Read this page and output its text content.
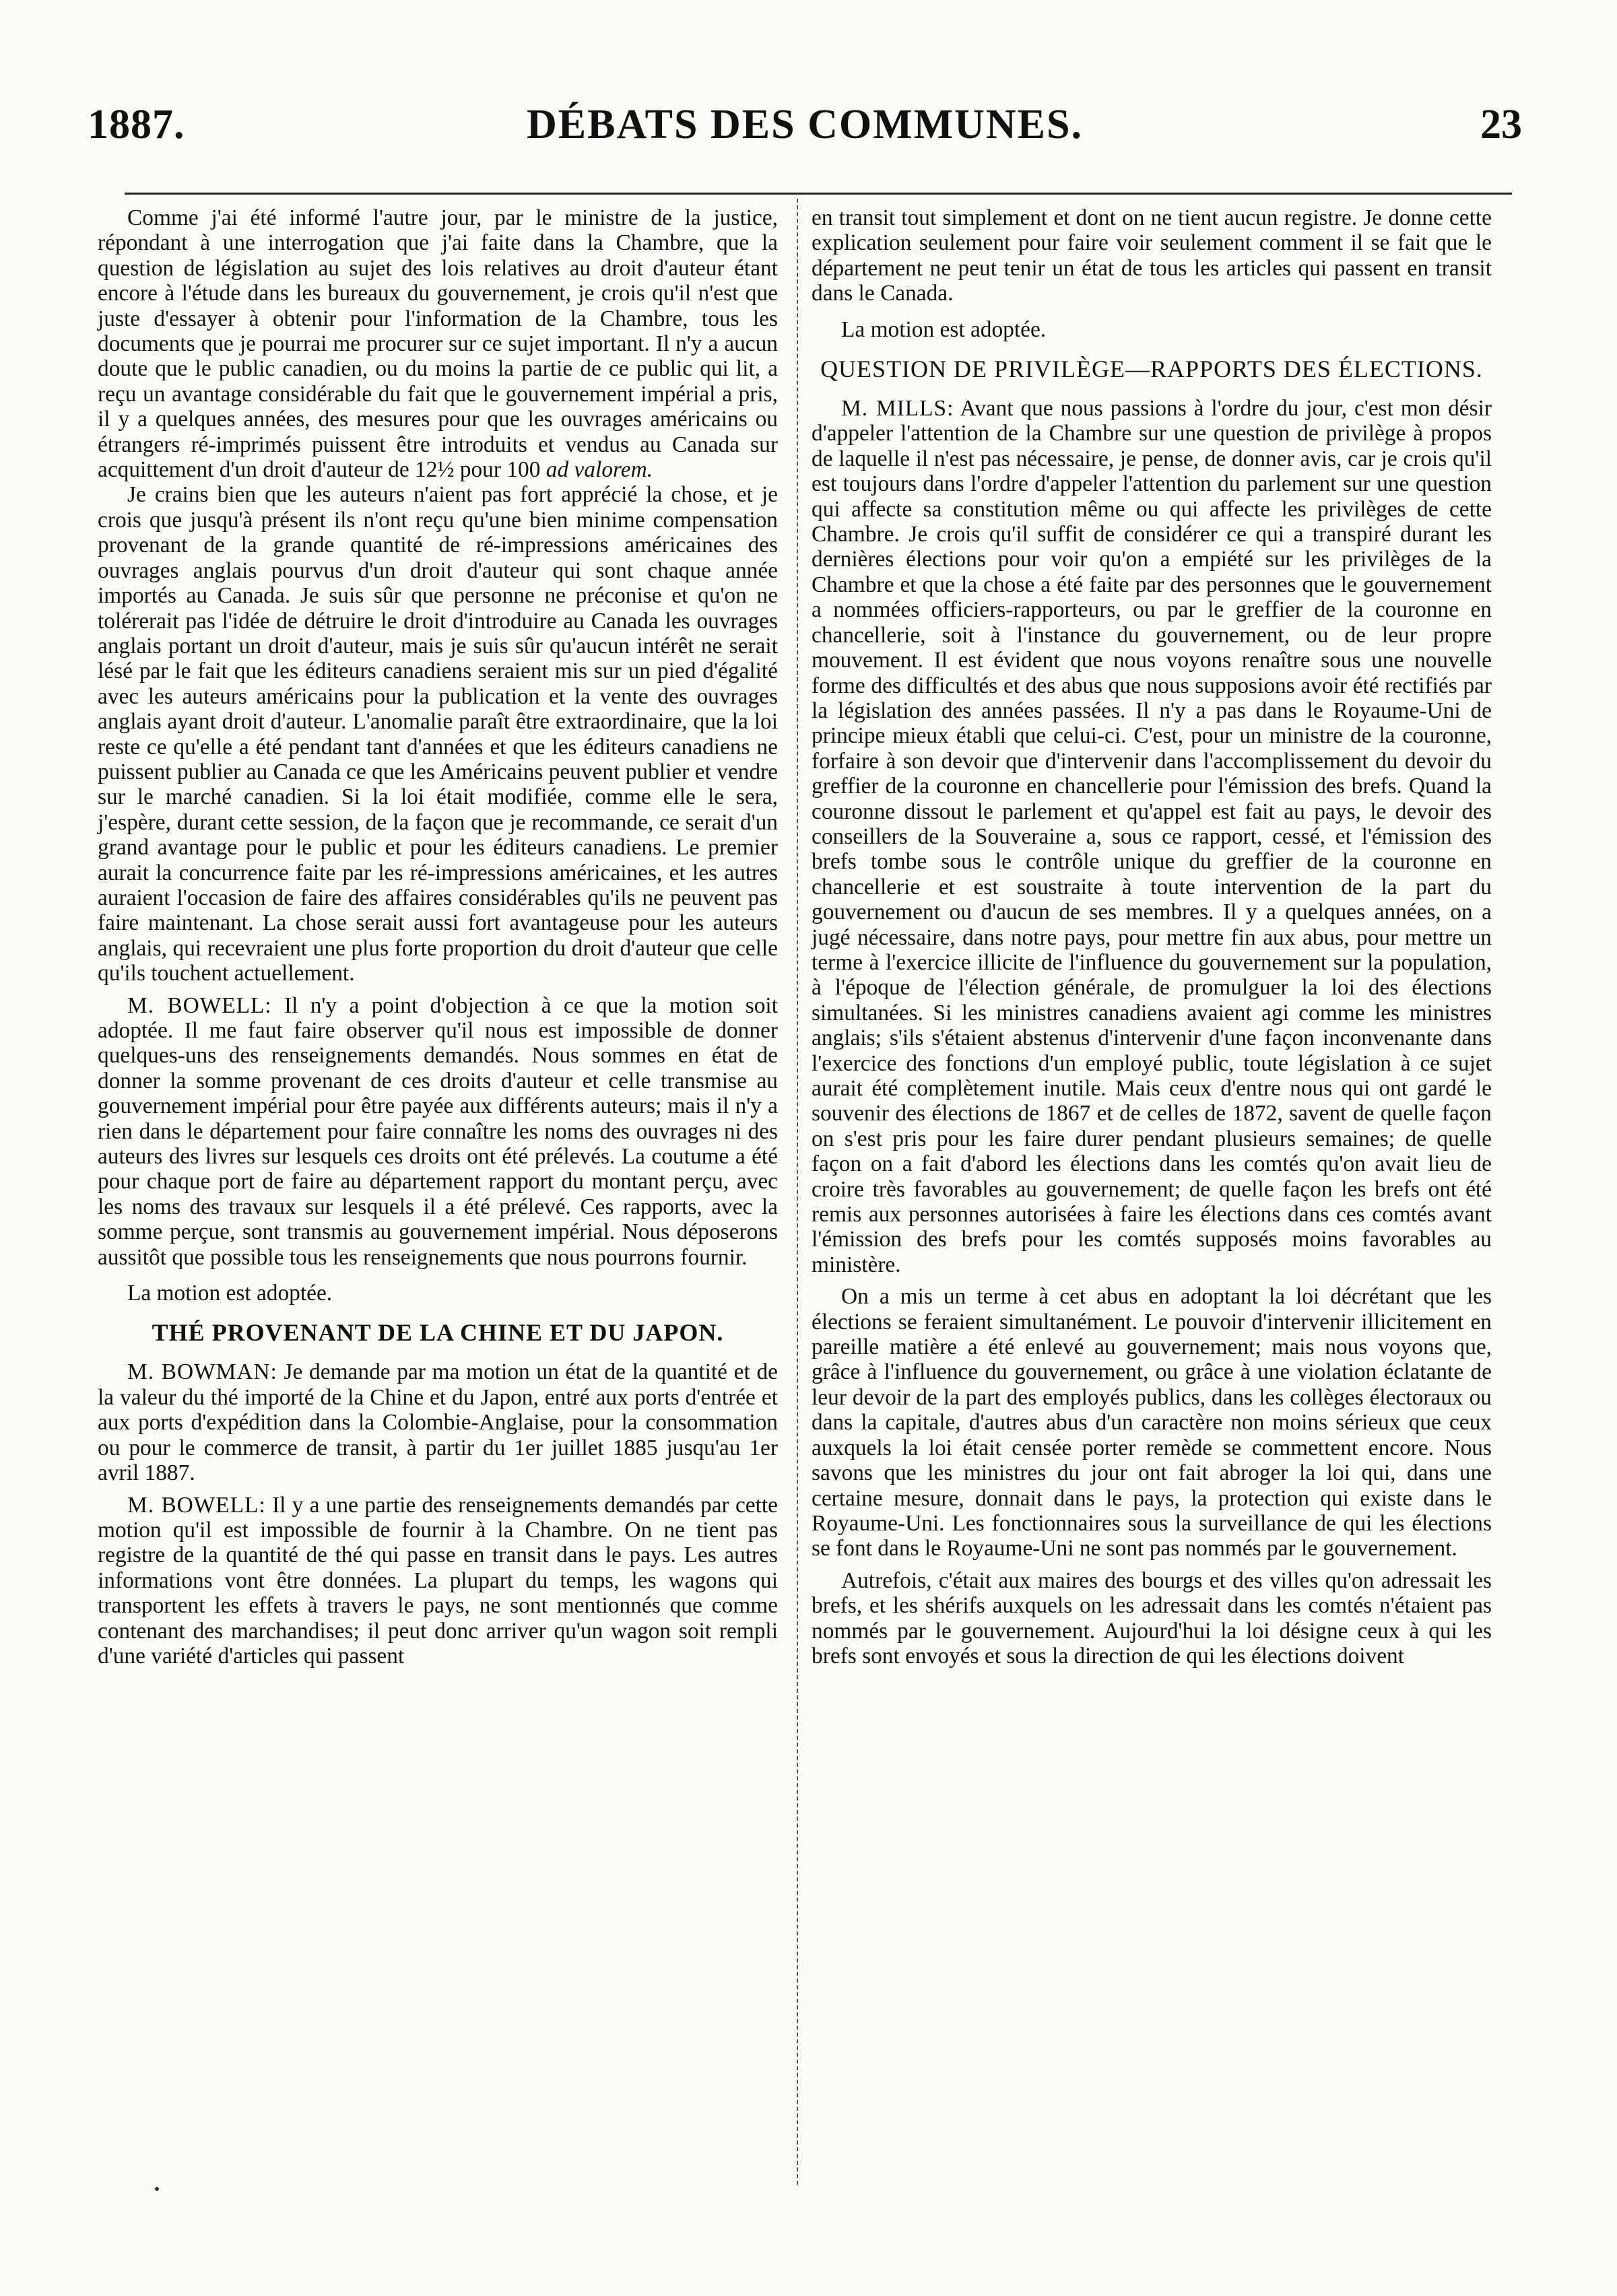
1887.	DÉBATS DES COMMUNES.	23

Comme j'ai été informé l'autre jour, par le ministre de la justice, répondant à une interrogation que j'ai faite dans la Chambre, que la question de législation au sujet des lois relatives au droit d'auteur étant encore à l'étude dans les bureaux du gouvernement, je crois qu'il n'est que juste d'essayer à obtenir pour l'information de la Chambre, tous les documents que je pourrai me procurer sur ce sujet important. Il n'y a aucun doute que le public canadien, ou du moins la partie de ce public qui lit, a reçu un avantage considérable du fait que le gouvernement impérial a pris, il y a quelques années, des mesures pour que les ouvrages américains ou étrangers ré-imprimés puissent être introduits et vendus au Canada sur acquittement d'un droit d'auteur de 12½ pour 100 ad valorem.

Je crains bien que les auteurs n'aient pas fort apprécié la chose, et je crois que jusqu'à présent ils n'ont reçu qu'une bien minime compensation provenant de la grande quantité de ré-impressions américaines des ouvrages anglais pourvus d'un droit d'auteur qui sont chaque année importés au Canada. Je suis sûr que personne ne préconise et qu'on ne tolérerait pas l'idée de détruire le droit d'introduire au Canada les ouvrages anglais portant un droit d'auteur, mais je suis sûr qu'aucun intérêt ne serait lésé par le fait que les éditeurs canadiens seraient mis sur un pied d'égalité avec les auteurs américains pour la publication et la vente des ouvrages anglais ayant droit d'auteur. L'anomalie paraît être extraordinaire, que la loi reste ce qu'elle a été pendant tant d'années et que les éditeurs canadiens ne puissent publier au Canada ce que les Américains peuvent publier et vendre sur le marché canadien. Si la loi était modifiée, comme elle le sera, j'espère, durant cette session, de la façon que je recommande, ce serait d'un grand avantage pour le public et pour les éditeurs canadiens. Le premier aurait la concurrence faite par les ré-impressions américaines, et les autres auraient l'occasion de faire des affaires considérables qu'ils ne peuvent pas faire maintenant. La chose serait aussi fort avantageuse pour les auteurs anglais, qui recevraient une plus forte proportion du droit d'auteur que celle qu'ils touchent actuellement.

M. BOWELL: Il n'y a point d'objection à ce que la motion soit adoptée. Il me faut faire observer qu'il nous est impossible de donner quelques-uns des renseignements demandés. Nous sommes en état de donner la somme provenant de ces droits d'auteur et celle transmise au gouvernement impérial pour être payée aux différents auteurs; mais il n'y a rien dans le département pour faire connaître les noms des ouvrages ni des auteurs des livres sur lesquels ces droits ont été prélevés. La coutume a été pour chaque port de faire au département rapport du montant perçu, avec les noms des travaux sur lesquels il a été prélevé. Ces rapports, avec la somme perçue, sont transmis au gouvernement impérial. Nous déposerons aussitôt que possible tous les renseignements que nous pourrons fournir.

La motion est adoptée.

THÉ PROVENANT DE LA CHINE ET DU JAPON.

M. BOWMAN: Je demande par ma motion un état de la quantité et de la valeur du thé importé de la Chine et du Japon, entré aux ports d'entrée et aux ports d'expédition dans la Colombie-Anglaise, pour la consommation ou pour le commerce de transit, à partir du 1er juillet 1885 jusqu'au 1er avril 1887.

M. BOWELL: Il y a une partie des renseignements demandés par cette motion qu'il est impossible de fournir à la Chambre. On ne tient pas registre de la quantité de thé qui passe en transit dans le pays. Les autres informations vont être données. La plupart du temps, les wagons qui transportent les effets à travers le pays, ne sont mentionnés que comme contenant des marchandises; il peut donc arriver qu'un wagon soit rempli d'une variété d'articles qui passent

en transit tout simplement et dont on ne tient aucun registre. Je donne cette explication seulement pour faire voir seulement comment il se fait que le département ne peut tenir un état de tous les articles qui passent en transit dans le Canada.

La motion est adoptée.

QUESTION DE PRIVILÈGE—RAPPORTS DES ÉLECTIONS.

M. MILLS: Avant que nous passions à l'ordre du jour, c'est mon désir d'appeler l'attention de la Chambre sur une question de privilège à propos de laquelle il n'est pas nécessaire, je pense, de donner avis, car je crois qu'il est toujours dans l'ordre d'appeler l'attention du parlement sur une question qui affecte sa constitution même ou qui affecte les privilèges de cette Chambre. Je crois qu'il suffit de considérer ce qui a transpiré durant les dernières élections pour voir qu'on a empiété sur les privilèges de la Chambre et que la chose a été faite par des personnes que le gouvernement a nommées officiers-rapporteurs, ou par le greffier de la couronne en chancellerie, soit à l'instance du gouvernement, ou de leur propre mouvement. Il est évident que nous voyons renaître sous une nouvelle forme des difficultés et des abus que nous supposions avoir été rectifiés par la législation des années passées. Il n'y a pas dans le Royaume-Uni de principe mieux établi que celui-ci. C'est, pour un ministre de la couronne, forfaire à son devoir que d'intervenir dans l'accomplissement du devoir du greffier de la couronne en chancellerie pour l'émission des brefs. Quand la couronne dissout le parlement et qu'appel est fait au pays, le devoir des conseillers de la Souveraine a, sous ce rapport, cessé, et l'émission des brefs tombe sous le contrôle unique du greffier de la couronne en chancellerie et est soustraite à toute intervention de la part du gouvernement ou d'aucun de ses membres. Il y a quelques années, on a jugé nécessaire, dans notre pays, pour mettre fin aux abus, pour mettre un terme à l'exercice illicite de l'influence du gouvernement sur la population, à l'époque de l'élection générale, de promulguer la loi des élections simultanées. Si les ministres canadiens avaient agi comme les ministres anglais; s'ils s'étaient abstenus d'intervenir d'une façon inconvenante dans l'exercice des fonctions d'un employé public, toute législation à ce sujet aurait été complètement inutile. Mais ceux d'entre nous qui ont gardé le souvenir des élections de 1867 et de celles de 1872, savent de quelle façon on s'est pris pour les faire durer pendant plusieurs semaines; de quelle façon on a fait d'abord les élections dans les comtés qu'on avait lieu de croire très favorables au gouvernement; de quelle façon les brefs ont été remis aux personnes autorisées à faire les élections dans ces comtés avant l'émission des brefs pour les comtés supposés moins favorables au ministère.

On a mis un terme à cet abus en adoptant la loi décrétant que les élections se feraient simultanément. Le pouvoir d'intervenir illicitement en pareille matière a été enlevé au gouvernement; mais nous voyons que, grâce à l'influence du gouvernement, ou grâce à une violation éclatante de leur devoir de la part des employés publics, dans les collèges électoraux ou dans la capitale, d'autres abus d'un caractère non moins sérieux que ceux auxquels la loi était censée porter remède se commettent encore. Nous savons que les ministres du jour ont fait abroger la loi qui, dans une certaine mesure, donnait dans le pays, la protection qui existe dans le Royaume-Uni. Les fonctionnaires sous la surveillance de qui les élections se font dans le Royaume-Uni ne sont pas nommés par le gouvernement.

Autrefois, c'était aux maires des bourgs et des villes qu'on adressait les brefs, et les shérifs auxquels on les adressait dans les comtés n'étaient pas nommés par le gouvernement. Aujourd'hui la loi désigne ceux à qui les brefs sont envoyés et sous la direction de qui les élections doivent
